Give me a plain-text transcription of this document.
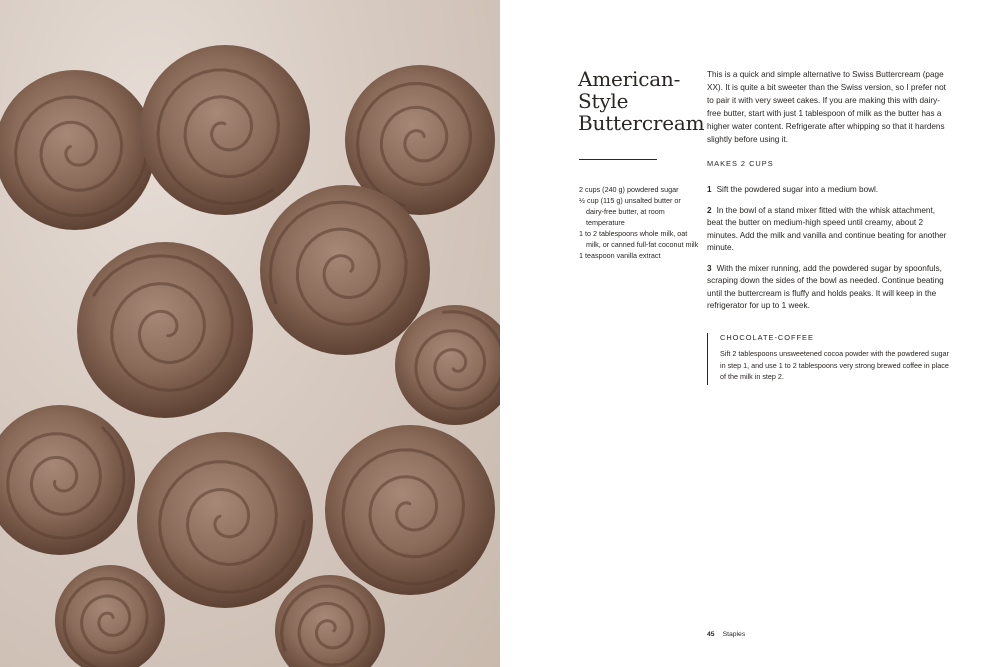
American-
Style
Buttercream
2 cups (240 g) powdered sugar
½ cup (115 g) unsalted butter or dairy-free butter, at room temperature
1 to 2 tablespoons whole milk, oat milk, or canned full-fat coconut milk
1 teaspoon vanilla extract

This is a quick and simple alternative to Swiss Buttercream (page XX). It is quite a bit sweeter than the Swiss version, so I prefer not to pair it with very sweet cakes. If you are making this with dairy-free butter, start with just 1 tablespoon of milk as the butter has a higher water content. Refrigerate after whipping so that it hardens slightly before using it.

MAKES 2 CUPS

1 Sift the powdered sugar into a medium bowl.
2 In the bowl of a stand mixer fitted with the whisk attachment, beat the butter on medium-high speed until creamy, about 2 minutes. Add the milk and vanilla and continue beating for another minute.
3 With the mixer running, add the powdered sugar by spoonfuls, scraping down the sides of the bowl as needed. Continue beating until the buttercream is fluffy and holds peaks. It will keep in the refrigerator for up to 1 week.

CHOCOLATE-COFFEE

Sift 2 tablespoons unsweetened cocoa powder with the powdered sugar in step 1, and use 1 to 2 tablespoons very strong brewed coffee in place of the milk in step 2.

45 Staples
